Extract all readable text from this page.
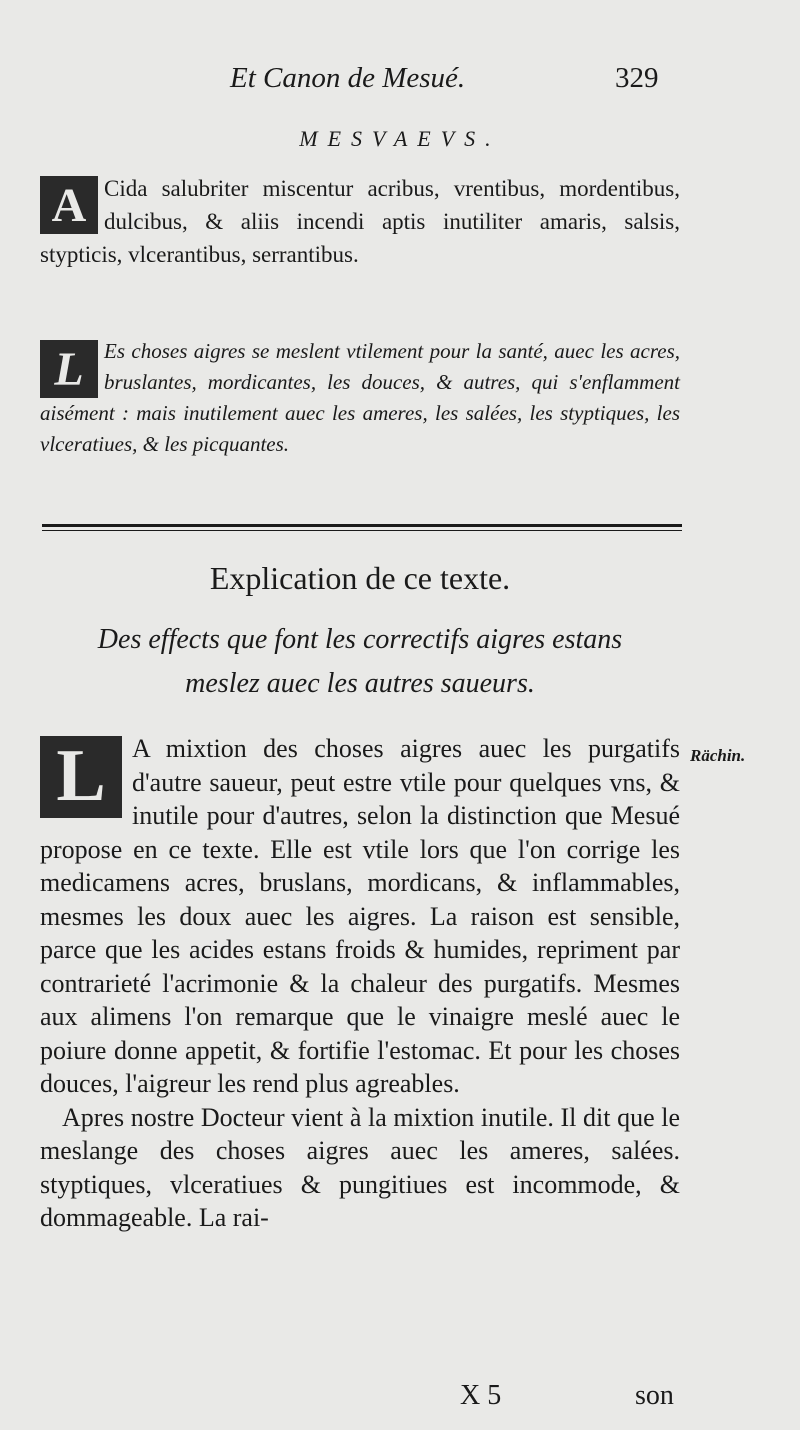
Et Canon de Mesué.	329
MESVAEVS.
A Cida salubriter miscentur acribus, vrentibus, mordentibus, dulcibus, & aliis incendi aptis inutiliter amaris, salsis, stypticis, vlcerantibus, serrantibus.
L Es choses aigres se meslent vtilement pour la santé, auec les acres, bruslantes, mordicantes, les douces, & autres, qui s'enflamment aisément : mais inutilement auec les ameres, les salées, les styptiques, les vlceratiues, & les picquantes.
Explication de ce texte.
Des effects que font les correctifs aigres estans meslez auec les autres saueurs.

L	A mixtion des choses aigres auec les purgatifs d'autre saueur, peut estre vtile pour quelques vns, & inutile pour d'autres, selon la distinction que Mesué propose en ce texte. Elle est vtile lors que l'on corrige les medicamens acres, bruslans, mordicans, & inflammables, mesmes les doux auec les aigres. La raison est sensible, parce que les acides estans froids & humides, repriment par contrarieté l'acrimonie & la chaleur des purgatifs. Mesmes aux alimens l'on remarque que le vinaigre meslé auec le poiure donne appetit, & fortifie l'estomac. Et pour les choses douces, l'aigreur les rend plus agreables.

Apres nostre Docteur vient à la mixtion inutile. Il dit que le meslange des choses aigres auec les ameres, salées. styptiques, vlceratiues & pungitiues est incommode, & dommageable. La rai-

Rächin.
X 5	son
